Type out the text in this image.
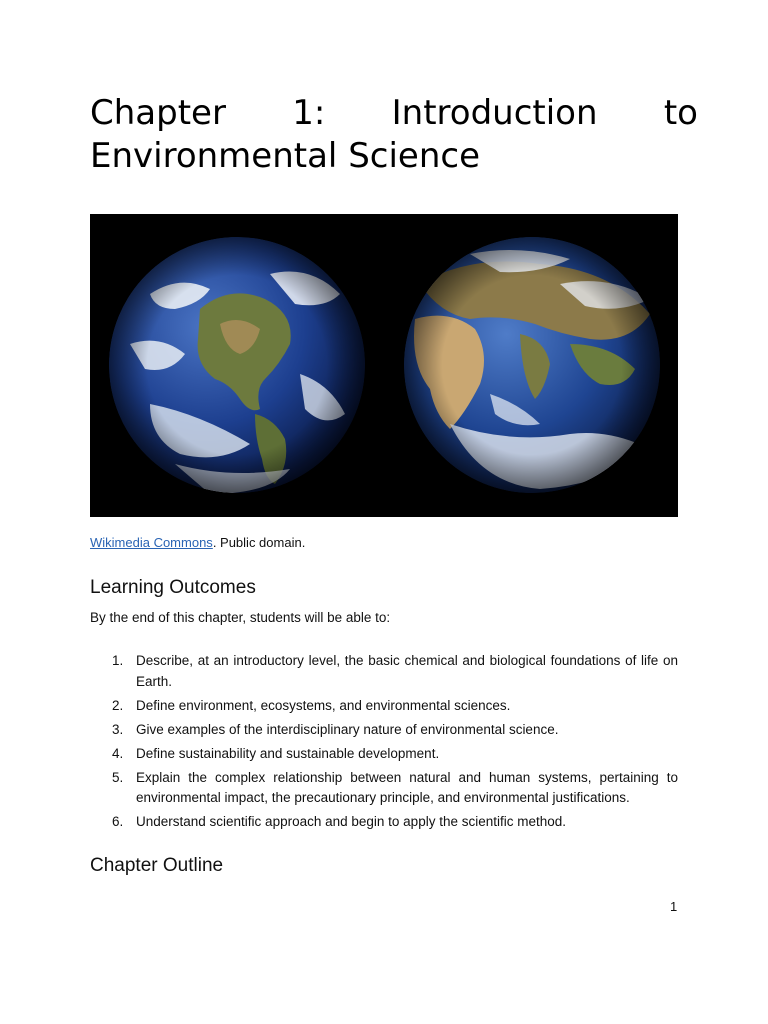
Chapter 1: Introduction to
Environmental Science
Wikimedia Commons. Public domain.
Learning Outcomes
By the end of this chapter, students will be able to:
1. Describe, at an introductory level, the basic chemical and biological foundations of life on Earth.
2. Define environment, ecosystems, and environmental sciences.
3. Give examples of the interdisciplinary nature of environmental science.
4. Define sustainability and sustainable development.
5. Explain the complex relationship between natural and human systems, pertaining to environmental impact, the precautionary principle, and environmental justifications.
6. Understand scientific approach and begin to apply the scientific method.
Chapter Outline
1
